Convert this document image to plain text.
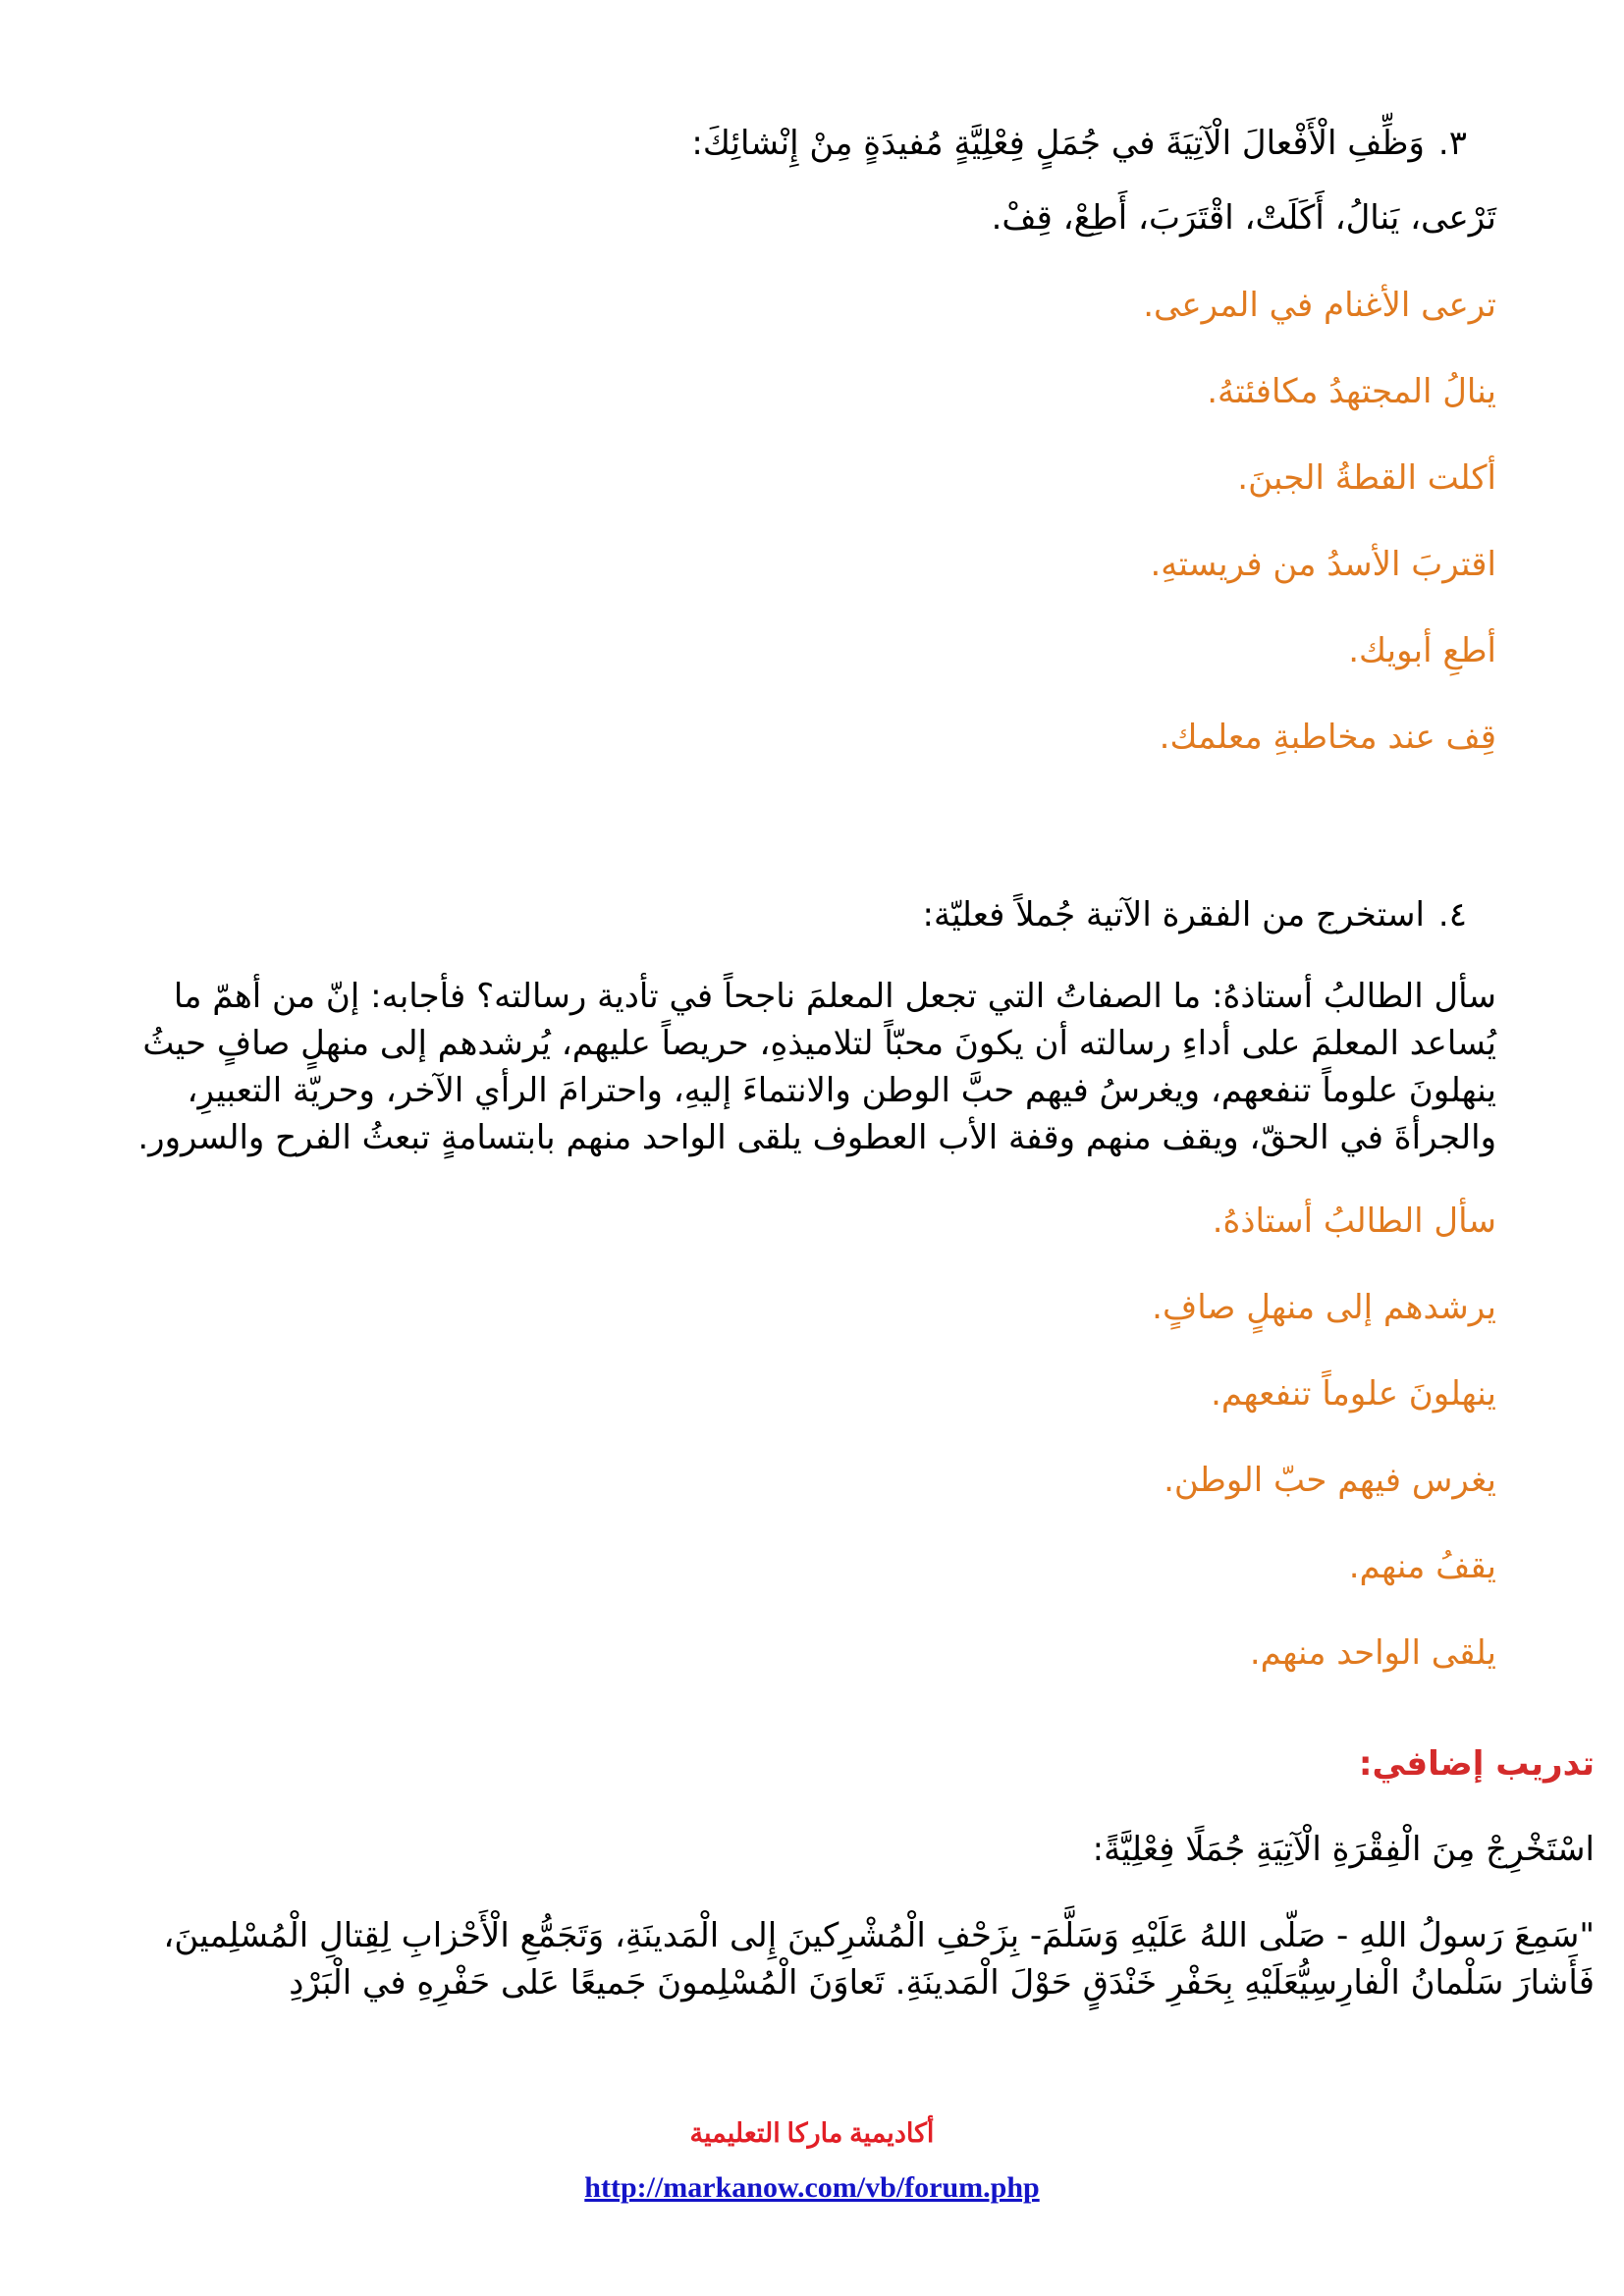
٣.وَظِّفِ الْأَفْعالَ الْآتِيَةَ في جُمَلٍ فِعْلِيَّةٍ مُفيدَةٍ مِنْ إِنْشائِكَ:
تَرْعى، يَنالُ، أَكَلَتْ، اقْتَرَبَ، أَطِعْ، قِفْ.
ترعى الأغنام في المرعى.
ينالُ المجتهدُ مكافئتهُ.
أكلت القطةُ الجبنَ.
اقتربَ الأسدُ من فريستهِ.
أطعِ أبويك.
قِف عند مخاطبةِ معلمك.
٤.استخرج من الفقرة الآتية جُملاً فعليّة:
سأل الطالبُ أستاذهُ: ما الصفاتُ التي تجعل المعلمَ ناجحاً في تأدية رسالته؟ فأجابه: إنّ من أهمّ ما
يُساعد المعلمَ على أداءِ رسالته أن يكونَ محبّاً لتلاميذهِ، حريصاً عليهم، يُرشدهم إلى منهلٍ صافٍ حيثُ
ينهلونَ علوماً تنفعهم، ويغرسُ فيهم حبَّ الوطن والانتماءَ إليهِ، واحترامَ الرأي الآخر، وحريّة التعبيرِ،
والجرأةَ في الحقّ، ويقف منهم وقفة الأب العطوف يلقى الواحد منهم بابتسامةٍ تبعثُ الفرح والسرور.
سأل الطالبُ أستاذهُ.
يرشدهم إلى منهلٍ صافٍ.
ينهلونَ علوماً تنفعهم.
يغرس فيهم حبّ الوطن.
يقفُ منهم.
يلقى الواحد منهم.
تدريب إضافي:
اسْتَخْرِجْ مِنَ الْفِقْرَةِ الْآتِيَةِ جُمَلًا فِعْلِيَّةً:
"سَمِعَ رَسولُ اللهِ - صَلّى اللهُ عَلَيْهِ وَسَلَّمَ- بِزَحْفِ الْمُشْرِكينَ إِلى الْمَدينَةِ، وَتَجَمُّعِ الْأَحْزابِ لِقِتالِ الْمُسْلِمينَ،
فَأَشارَ سَلْمانُ الْفارِسِيُّعَلَيْهِ بِحَفْرِ خَنْدَقٍ حَوْلَ الْمَدينَةِ. تَعاوَنَ الْمُسْلِمونَ جَميعًا عَلى حَفْرِهِ في الْبَرْدِ
أكاديمية ماركا التعليمية
http://markanow.com/vb/forum.php
